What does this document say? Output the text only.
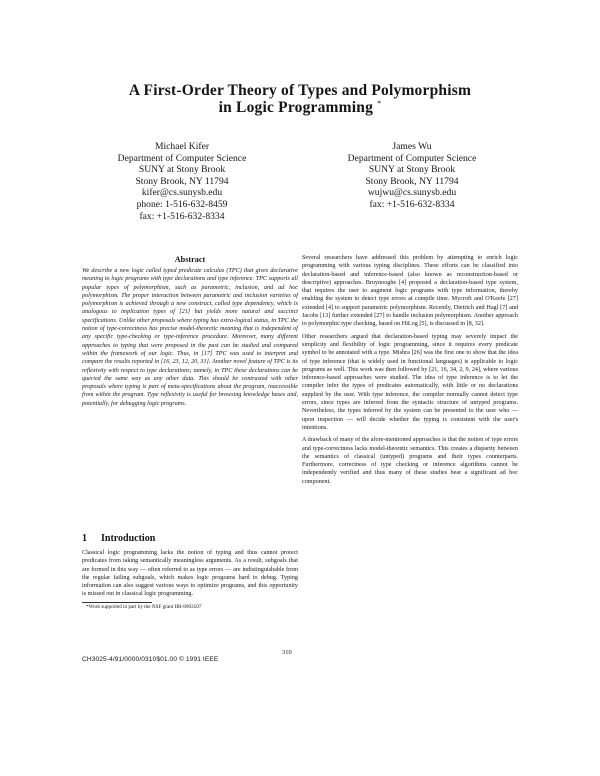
A First-Order Theory of Types and Polymorphism
in Logic Programming *
Michael Kifer
Department of Computer Science
SUNY at Stony Brook
Stony Brook, NY 11794
kifer@cs.sunysb.edu
phone: 1-516-632-8459
fax: +1-516-632-8334
James Wu
Department of Computer Science
SUNY at Stony Brook
Stony Brook, NY 11794
wujwu@cs.sunysb.edu
fax: +1-516-632-8334
Abstract

We describe a new logic called typed predicate calculus (TPC) that gives declarative meaning to logic programs with type declarations and type inference. TPC supports all popular types of polymorphism, such as parametric, inclusion, and ad hoc polymorphism. The proper interaction between parametric and inclusion varieties of polymorphism is achieved through a new construct, called type dependency, which is analogous to implication types of [21] but yields more natural and succinct specifications. Unlike other proposals where typing has extra-logical status, in TPC the notion of type-correctness has precise model-theoretic meaning that is independent of any specific type-checking or type-inference procedure. Moreover, many different approaches to typing that were proposed in the past can be studied and compared within the framework of our logic. Thus, in [17] TPC was used to interpret and compare the results reported in [16, 23, 12, 20, 31]. Another novel feature of TPC is its reflexivity with respect to type declarations; namely, in TPC these declarations can be queried the same way as any other data. This should be contrasted with other proposals where typing is part of meta-specifications about the program, inaccessible from within the program. Type reflexivity is useful for browsing knowledge bases and, potentially, for debugging logic programs.

1 Introduction

Classical logic programming lacks the notion of typing and thus cannot protect predicates from taking semantically meaningless arguments. As a result, subgoals that are formed in this way — often referred to as type errors — are indistinguishable from the regular failing subgoals, which makes logic programs hard to debug. Typing information can also suggest various ways to optimize programs, and this opportunity is missed out in classical logic programming.

*Work supported in part by the NSF grant IRI-8903507

Several researchers have addressed this problem by attempting to enrich logic programming with various typing disciplines. These efforts can be classified into declaration-based and inference-based (also known as reconstruction-based or descriptive) approaches. Bruynooghe [4] proposed a declaration-based type system, that requires the user to augment logic programs with type information, thereby enabling the system to detect type errors at compile time. Mycroft and O'Keefe [27] extended [4] to support parametric polymorphism. Recently, Dietrich and Hagl [7] and Jacobs [13] further extended [27] to handle inclusion polymorphism. Another approach to polymorphic type checking, based on HiLog [5], is discussed in [8, 32].

Other researchers argued that declaration-based typing may severely impact the simplicity and flexibility of logic programming, since it requires every predicate symbol to be annotated with a type. Mishra [26] was the first one to show that the idea of type inference (that is widely used in functional languages) is applicable to logic programs as well. This work was then followed by [21, 16, 34, 2, 9, 24], where various inference-based approaches were studied. The idea of type inference is to let the compiler infer the types of predicates automatically, with little or no declarations supplied by the user. With type inference, the compiler normally cannot detect type errors, since types are inferred from the syntactic structure of untyped programs. Nevertheless, the types inferred by the system can be presented to the user who — upon inspection — will decide whether the typing is consistent with the user's intentions.

A drawback of many of the afore-mentioned approaches is that the notion of type errors and type-correctness lacks model-theoretic semantics. This creates a disparity between the semantics of classical (untyped) programs and their types counterparts. Furthermore, correctness of type checking or inference algorithms cannot be independently verified and thus many of these studies bear a significant ad hoc component.

310
CH3025-4/91/0000/0310$01.00 © 1991 IEEE
